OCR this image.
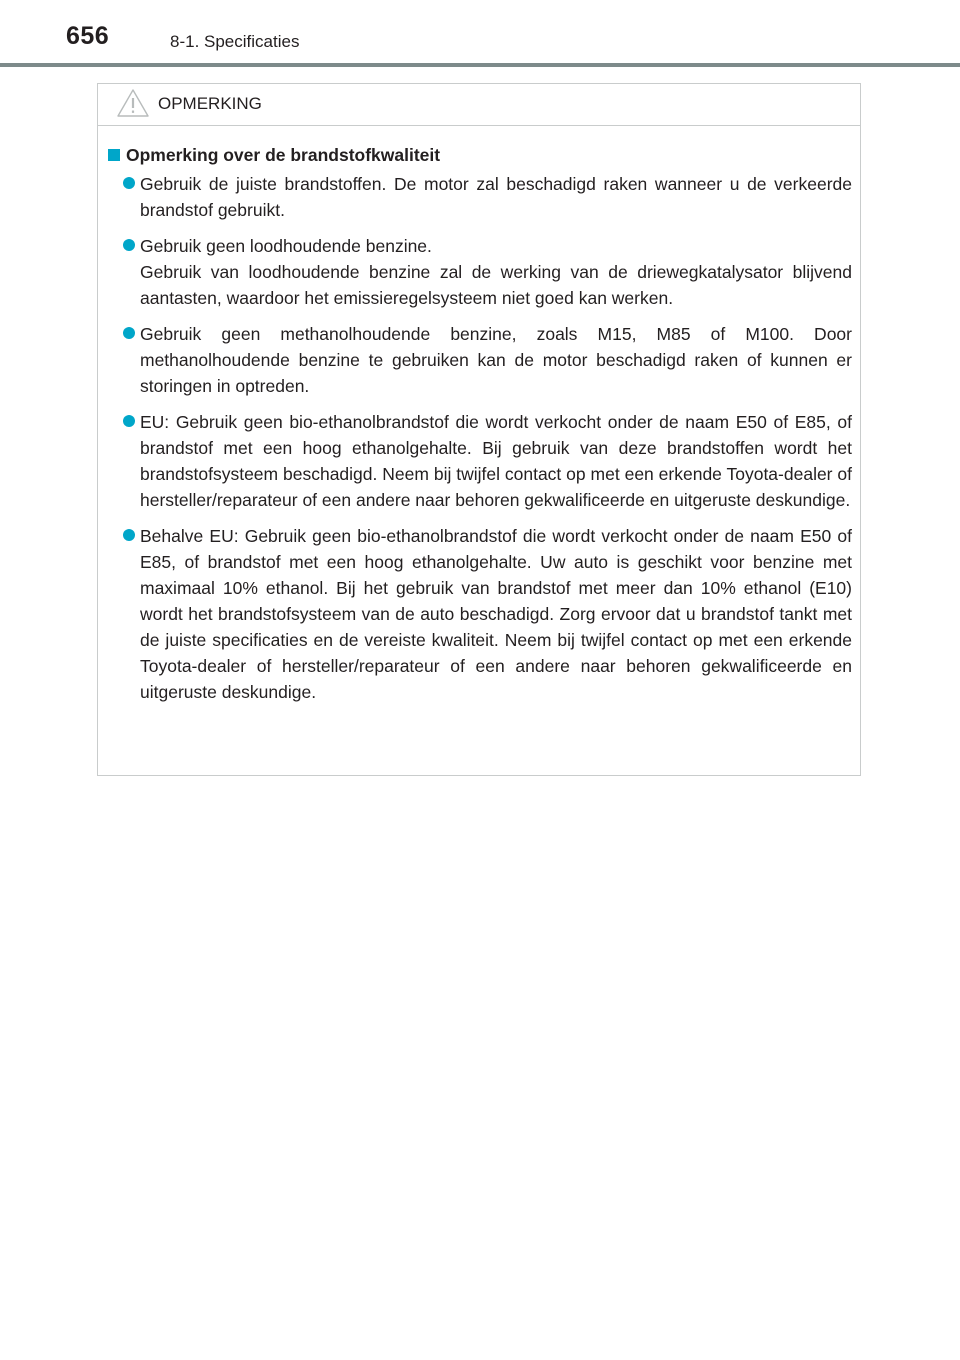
656	8-1. Specificaties
OPMERKING
Opmerking over de brandstofkwaliteit

Gebruik de juiste brandstoffen. De motor zal beschadigd raken wanneer u de verkeerde brandstof gebruikt.

Gebruik geen loodhoudende benzine.

Gebruik van loodhoudende benzine zal de werking van de driewegkatalysator blijvend aantasten, waardoor het emissieregelsysteem niet goed kan werken.

Gebruik geen methanolhoudende benzine, zoals M15, M85 of M100. Door methanolhoudende benzine te gebruiken kan de motor beschadigd raken of kunnen er storingen in optreden.

EU: Gebruik geen bio-ethanolbrandstof die wordt verkocht onder de naam E50 of E85, of brandstof met een hoog ethanolgehalte. Bij gebruik van deze brandstoffen wordt het brandstofsysteem beschadigd. Neem bij twijfel contact op met een erkende Toyota-dealer of hersteller/reparateur of een andere naar behoren gekwalificeerde en uitgeruste deskundige.

Behalve EU: Gebruik geen bio-ethanolbrandstof die wordt verkocht onder de naam E50 of E85, of brandstof met een hoog ethanolgehalte. Uw auto is geschikt voor benzine met maximaal 10% ethanol. Bij het gebruik van brandstof met meer dan 10% ethanol (E10) wordt het brandstofsysteem van de auto beschadigd. Zorg ervoor dat u brandstof tankt met de juiste specificaties en de vereiste kwaliteit. Neem bij twijfel contact op met een erkende Toyota-dealer of hersteller/reparateur of een andere naar behoren gekwalificeerde en uitgeruste deskundige.
